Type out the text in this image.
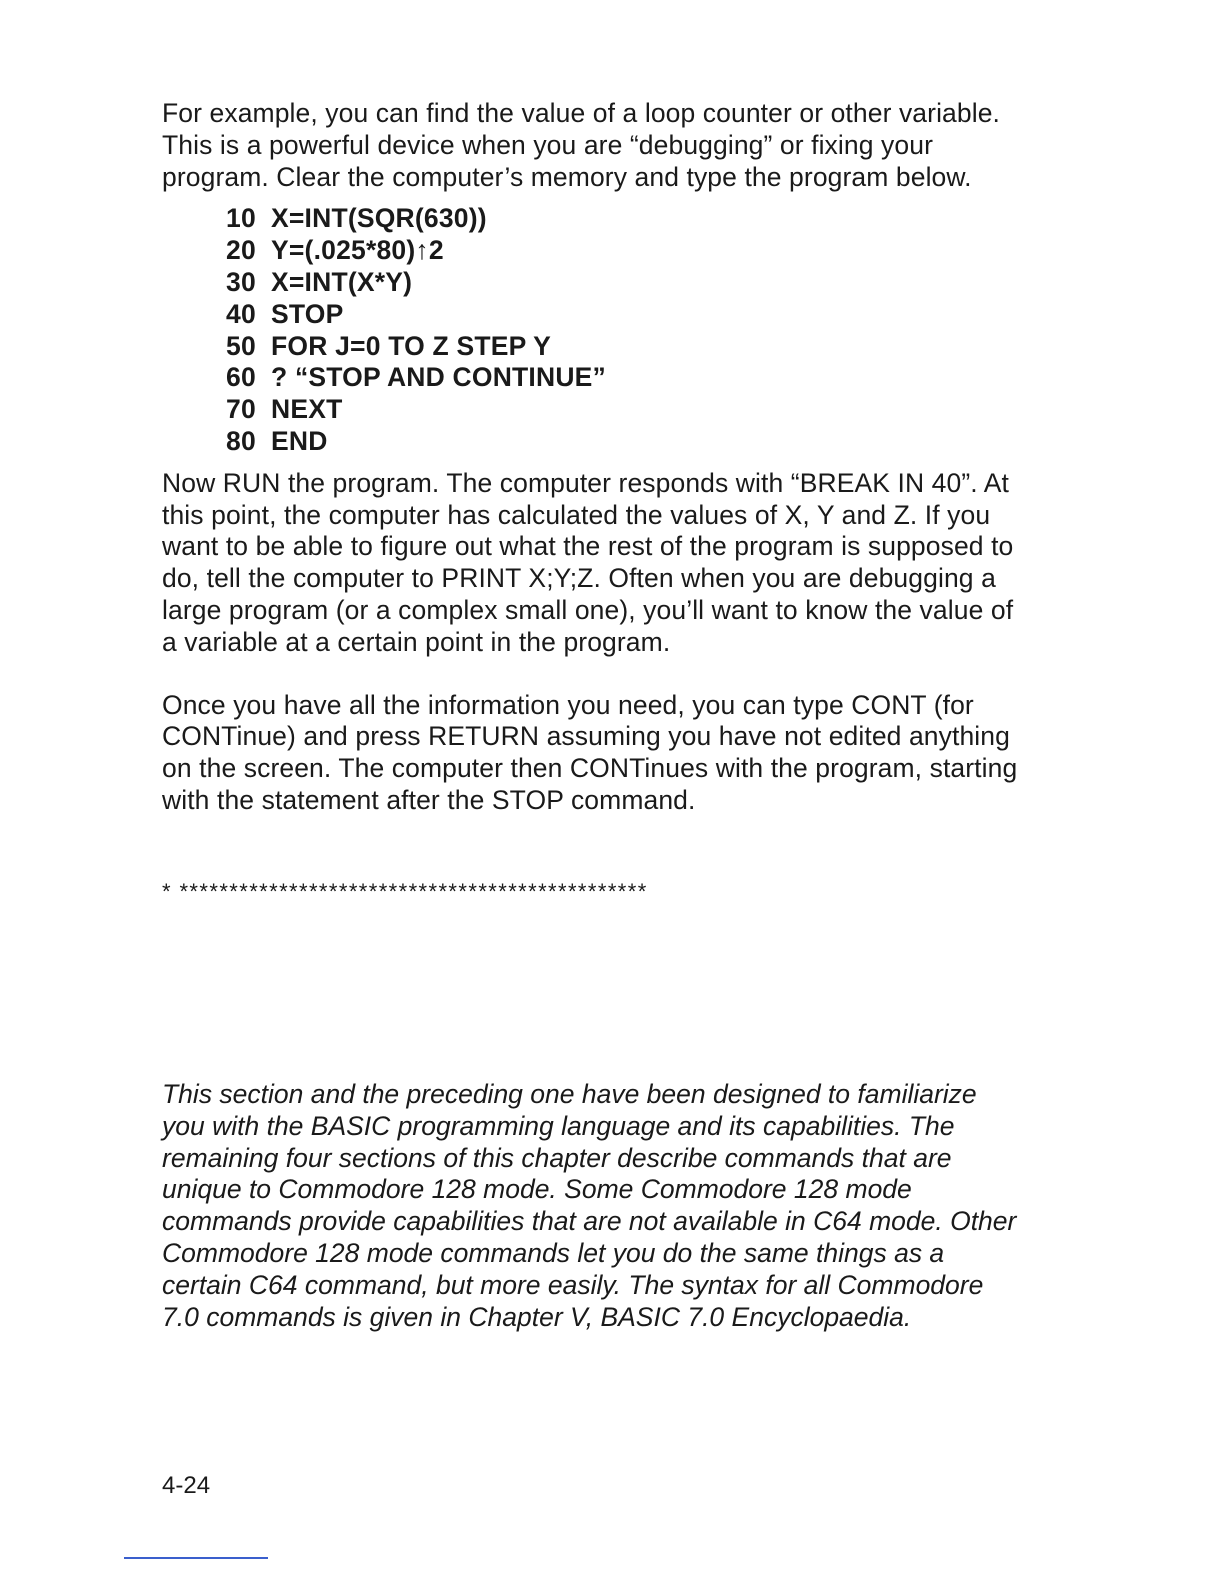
For example, you can find the value of a loop counter or other variable. This is a powerful device when you are “debugging” or fixing your program. Clear the computer’s memory and type the program below.

10 X=INT(SQR(630))
20 Y=(.025*80)↑2
30 X=INT(X*Y)
40 STOP
50 FOR J=0 TO Z STEP Y
60 ? “STOP AND CONTINUE”
70 NEXT
80 END

Now RUN the program. The computer responds with “BREAK IN 40”. At this point, the computer has calculated the values of X, Y and Z. If you want to be able to figure out what the rest of the program is supposed to do, tell the computer to PRINT X;Y;Z. Often when you are debugging a large program (or a complex small one), you’ll want to know the value of a variable at a certain point in the program.

Once you have all the information you need, you can type CONT (for CONTinue) and press RETURN assuming you have not edited anything on the screen. The computer then CONTinues with the program, starting with the statement after the STOP command.

* ***********************************************

This section and the preceding one have been designed to familiarize you with the BASIC programming language and its capabilities. The remaining four sections of this chapter describe commands that are unique to Commodore 128 mode. Some Commodore 128 mode commands provide capabilities that are not available in C64 mode. Other Commodore 128 mode commands let you do the same things as a certain C64 command, but more easily. The syntax for all Commodore 7.0 commands is given in Chapter V, BASIC 7.0 Encyclopaedia.

4-24
